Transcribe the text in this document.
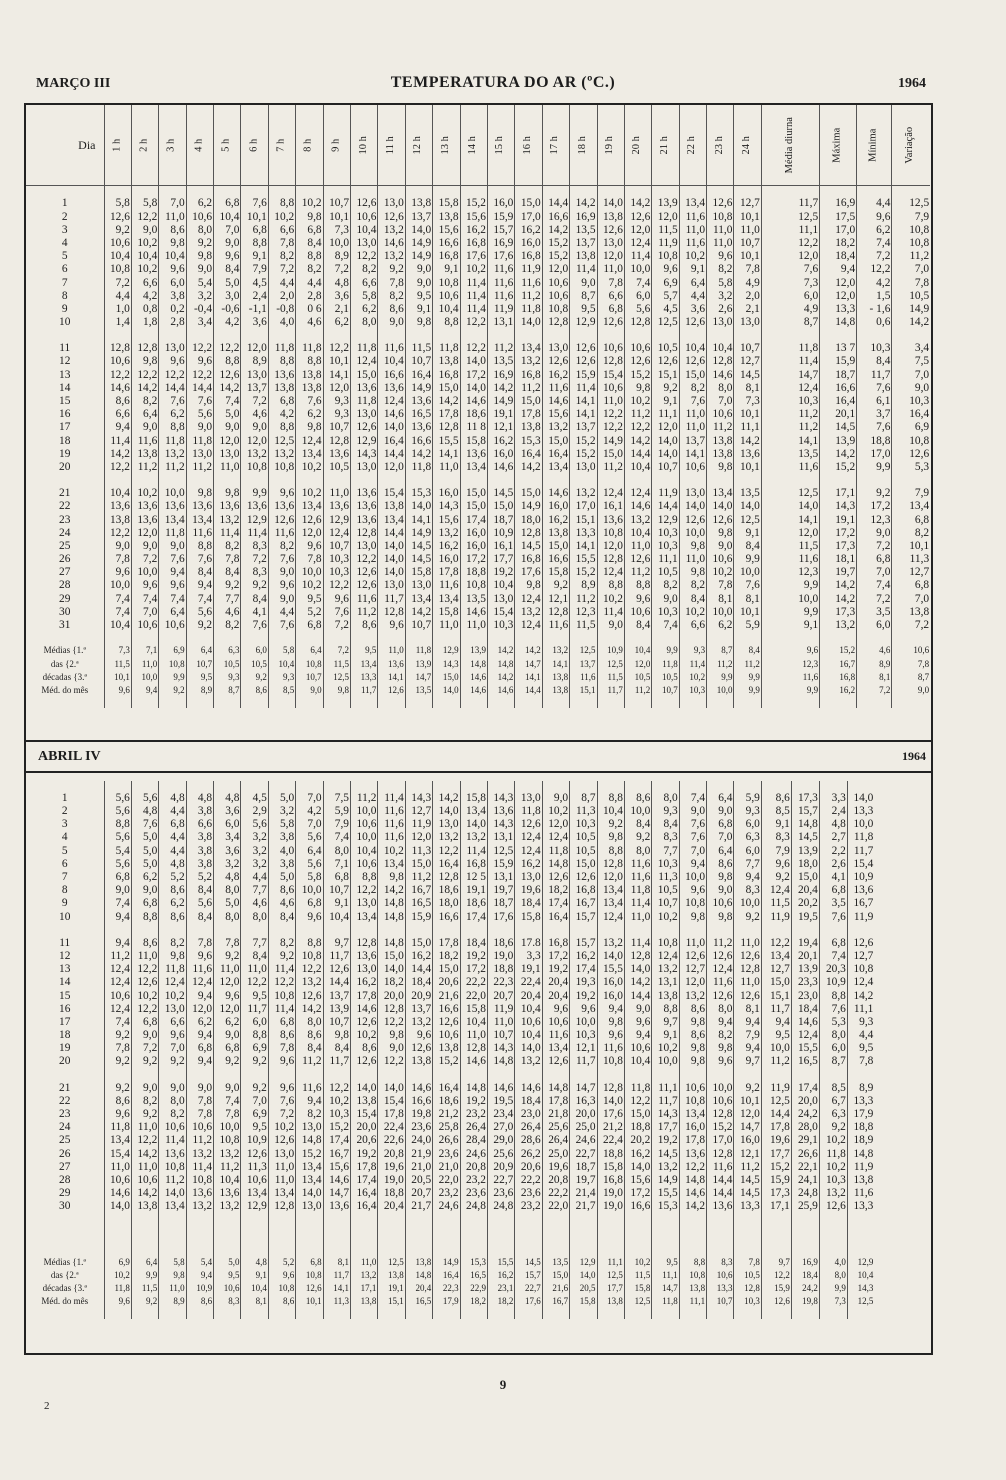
MARÇO III	TEMPERATURA DO AR (ºC.)	1964
Dia	1 h	2 h	3 h	4 h	5 h	6 h	7 h	8 h	9 h	10 h	11 h	12 h	13 h	14 h	15 h	16 h	17 h	18 h	19 h	20 h	21 h	22 h	23 h	24 h	Média diurna	Máxima	Mínima	Variação

1	5,8	5,8	7,0	6,2	6,8	7,6	8,8	10,2	10,7	12,6	13,0	13,8	15,8	15,2	16,0	15,0	14,4	14,2	14,0	14,2	13,9	13,4	12,6	12,7	11,7	16,9	4,4	12,5
2	12,6	12,2	11,0	10,6	10,4	10,1	10,2	9,8	10,1	10,6	12,6	13,7	13,8	15,6	15,9	17,0	16,6	16,9	13,8	12,6	12,0	11,6	10,8	10,1	12,5	17,5	9,6	7,9
3	9,2	9,0	8,6	8,0	7,0	6,8	6,6	6,8	7,3	10,4	13,2	14,0	15,6	16,2	15,7	16,2	14,2	13,5	12,6	12,0	11,5	11,0	11,0	11,0	11,1	17,0	6,2	10,8
4	10,6	10,2	9,8	9,2	9,0	8,8	7,8	8,4	10,0	13,0	14,6	14,9	16,6	16,8	16,9	16,0	15,2	13,7	13,0	12,4	11,9	11,6	11,0	10,7	12,2	18,2	7,4	10,8
5	10,4	10,4	10,4	9,8	9,6	9,1	8,2	8,8	8,9	12,2	13,2	14,9	16,8	17,6	17,6	16,8	15,2	13,8	12,0	11,4	10,8	10,2	9,6	10,1	12,0	18,4	7,2	11,2
6	10,8	10,2	9,6	9,0	8,4	7,9	7,2	8,2	7,2	8,2	9,2	9,0	9,1	10,2	11,6	11,9	12,0	11,4	11,0	10,0	9,6	9,1	8,2	7,8	7,6	9,4	12,2	7,0
7	7,2	6,6	6,0	5,4	5,0	4,5	4,4	4,4	4,8	6,6	7,8	9,0	10,8	11,4	11,6	11,6	10,6	9,0	7,8	7,4	6,9	6,4	5,8	4,9	7,3	12,0	4,2	7,8
8	4,4	4,2	3,8	3,2	3,0	2,4	2,0	2,8	3,6	5,8	8,2	9,5	10,6	11,4	11,6	11,2	10,6	8,7	6,6	6,0	5,7	4,4	3,2	2,0	6,0	12,0	1,5	10,5
9	1,0	0,8	0,2	-0,4	-0,6	-1,1	-0,8	0 6	2,1	6,2	8,6	9,1	10,4	11,4	11,9	11,8	10,8	9,5	6,8	5,6	4,5	3,6	2,6	2,1	4,9	13,3	- 1,6	14,9
10	1,4	1,8	2,8	3,4	4,2	3,6	4,0	4,6	6,2	8,0	9,0	9,8	8,8	12,2	13,1	14,0	12,8	12,9	12,6	12,8	12,5	12,6	13,0	13,0	8,7	14,8	0,6	14,2

11	12,8	12,8	13,0	12,2	12,2	12,0	11,8	11,8	12,2	11,8	11,6	11,5	11,8	12,2	11,2	13,4	13,0	12,6	10,6	10,6	10,5	10,4	10,4	10,7	11,8	13 7	10,3	3,4
12	10,6	9,8	9,6	9,6	8,8	8,9	8,8	8,8	10,1	12,4	10,4	10,7	13,8	14,0	13,5	13,2	12,6	12,6	12,8	12,6	12,6	12,6	12,8	12,7	11,4	15,9	8,4	7,5
13	12,2	12,2	12,2	12,2	12,6	13,0	13,6	13,8	14,1	15,0	16,6	16,4	16,8	17,2	16,9	16,8	16,2	15,9	15,4	15,2	15,1	15,0	14,6	14,5	14,7	18,7	11,7	7,0
14	14,6	14,2	14,4	14,4	14,2	13,7	13,8	13,8	12,0	13,6	13,6	14,9	15,0	14,0	14,2	11,2	11,6	11,4	10,6	9,8	9,2	8,2	8,0	8,1	12,4	16,6	7,6	9,0
15	8,6	8,2	7,6	7,6	7,4	7,2	6,8	7,6	9,3	11,8	12,4	13,6	14,2	14,6	14,9	15,0	14,6	14,1	11,0	10,2	9,1	7,6	7,0	7,3	10,3	16,4	6,1	10,3
16	6,6	6,4	6,2	5,6	5,0	4,6	4,2	6,2	9,3	13,0	14,6	16,5	17,8	18,6	19,1	17,8	15,6	14,1	12,2	11,2	11,1	11,0	10,6	10,1	11,2	20,1	3,7	16,4
17	9,4	9,0	8,8	9,0	9,0	9,0	8,8	9,8	10,7	12,6	14,0	13,6	12,8	11 8	12,1	13,8	13,2	13,7	12,2	12,2	12,0	11,0	11,2	11,1	11,2	14,5	7,6	6,9
18	11,4	11,6	11,8	11,8	12,0	12,0	12,5	12,4	12,8	12,9	16,4	16,6	15,5	15,8	16,2	15,3	15,0	15,2	14,9	14,2	14,0	13,7	13,8	14,2	14,1	13,9	18,8	10,8
19	14,2	13,8	13,2	13,0	13,0	13,2	13,2	13,4	13,6	14,3	14,4	14,2	14,1	13,6	16,0	16,4	16,4	15,2	15,0	14,4	14,0	14,1	13,8	13,6	13,5	14,2	17,0	12,6
20	12,2	11,2	11,2	11,2	11,0	10,8	10,8	10,2	10,5	13,0	12,0	11,8	11,0	13,4	14,6	14,2	13,4	13,0	11,2	10,4	10,7	10,6	9,8	10,1	11,6	15,2	9,9	5,3

21	10,4	10,2	10,0	9,8	9,8	9,9	9,6	10,2	11,0	13,6	15,4	15,3	16,0	15,0	14,5	15,0	14,6	13,2	12,4	12,4	11,9	13,0	13,4	13,5	12,5	17,1	9,2	7,9
22	13,6	13,6	13,6	13,6	13,6	13,6	13,6	13,4	13,6	13,6	13,8	14,0	14,3	15,0	15,0	14,9	16,0	17,0	16,1	14,6	14,4	14,0	14,0	14,0	14,0	14,3	17,2	13,4
23	13,8	13,6	13,4	13,4	13,2	12,9	12,6	12,6	12,9	13,6	13,4	14,1	15,6	17,4	18,7	18,0	16,2	15,1	13,6	13,2	12,9	12,6	12,6	12,5	14,1	19,1	12,3	6,8
24	12,2	12,0	11,8	11,6	11,4	11,4	11,6	12,0	12,4	12,8	14,4	14,9	13,2	16,0	10,9	12,8	13,8	13,3	10,8	10,4	10,3	10,0	9,8	9,1	12,0	17,2	9,0	8,2
25	9,0	9,0	9,0	8,8	8,2	8,3	8,2	9,6	10,7	13,0	14,0	14,5	16,2	16,0	16,1	14,5	15,0	14,1	12,0	11,0	10,3	9,8	9,0	8,4	11,5	17,3	7,2	10,1
26	7,8	7,2	7,6	7,6	7,8	7,2	7,6	7,8	10,3	12,2	14,0	14,5	16,0	17,2	17,7	16,8	16,6	15,5	12,8	12,6	11,1	11,0	10,6	9,9	11,6	18,1	6,8	11,3
27	9,6	10,0	9,4	8,4	8,4	8,3	9,0	10,0	10,3	12,6	14,0	15,8	17,8	18,8	19,2	17,6	15,8	15,2	12,4	11,2	10,5	9,8	10,2	10,0	12,3	19,7	7,0	12,7
28	10,0	9,6	9,6	9,4	9,2	9,2	9,6	10,2	12,2	12,6	13,0	13,0	11,6	10,8	10,4	9,8	9,2	8,9	8,8	8,8	8,2	8,2	7,8	7,6	9,9	14,2	7,4	6,8
29	7,4	7,4	7,4	7,4	7,7	8,4	9,0	9,5	9,6	11,6	11,7	13,4	13,4	13,5	13,0	12,4	12,1	11,2	10,2	9,6	9,0	8,4	8,1	8,1	10,0	14,2	7,2	7,0
30	7,4	7,0	6,4	5,6	4,6	4,1	4,4	5,2	7,6	11,2	12,8	14,2	15,8	14,6	15,4	13,2	12,8	12,3	11,4	10,6	10,3	10,2	10,0	10,1	9,9	17,3	3,5	13,8
31	10,4	10,6	10,6	9,2	8,2	7,6	7,6	6,8	7,2	8,6	9,6	10,7	11,0	11,0	10,3	12,4	11,6	11,5	9,0	8,4	7,4	6,6	6,2	5,9	9,1	13,2	6,0	7,2

Médias {1.ª	7,3	7,1	6,9	6,4	6,3	6,0	5,8	6,4	7,2	9,5	11,0	11,8	12,9	13,9	14,2	14,2	13,2	12,5	10,9	10,4	9,9	9,3	8,7	8,4	9,6	15,2	4,6	10,6
das {2.ª	11,5	11,0	10,8	10,7	10,5	10,5	10,4	10,8	11,5	13,4	13,6	13,9	14,3	14,8	14,8	14,7	14,1	13,7	12,5	12,0	11,8	11,4	11,2	11,2	12,3	16,7	8,9	7,8
décadas {3.ª	10,1	10,0	9,9	9,5	9,3	9,2	9,3	10,7	12,5	13,3	14,1	14,7	15,0	14,6	14,2	14,1	13,8	11,6	11,5	10,5	10,5	10,2	9,9	9,9	11,6	16,8	8,1	8,7
Méd. do mês	9,6	9,4	9,2	8,9	8,7	8,6	8,5	9,0	9,8	11,7	12,6	13,5	14,0	14,6	14,6	14,4	13,8	15,1	11,7	11,2	10,7	10,3	10,0	9,9	9,9	16,2	7,2	9,0

ABRIL IV	1964

1	5,6	5,6	4,8	4,8	4,8	4,5	5,0	7,0	7,5	11,2	11,4	14,3	14,2	15,8	14,3	13,0	9,0	8,7	8,8	8,6	8,0	7,4	6,4	5,9	8,6	17,3	3,3	14,0
2	5,6	4,8	4,4	3,8	3,6	2,9	3,2	4,2	5,9	10,0	11,6	12,7	14,0	13,4	13,6	11,8	10,2	11,3	10,4	10,0	9,3	9,0	9,0	9,3	8,5	15,7	2,4	13,3
3	8,8	7,6	6,8	6,6	6,0	5,6	5,8	7,0	7,9	10,6	11,6	11,9	13,0	14,0	14,3	12,6	12,0	10,3	9,2	8,4	8,4	7,6	6,8	6,0	9,1	14,8	4,8	10,0
4	5,6	5,0	4,4	3,8	3,4	3,2	3,8	5,6	7,4	10,0	11,6	12,0	13,2	13,2	13,1	12,4	12,4	10,5	9,8	9,2	8,3	7,6	7,0	6,3	8,3	14,5	2,7	11,8
5	5,4	5,0	4,4	3,8	3,6	3,2	4,0	6,4	8,0	10,4	10,2	11,3	12,2	11,4	12,5	12,4	11,8	10,5	8,8	8,0	7,7	7,0	6,4	6,0	7,9	13,9	2,2	11,7
6	5,6	5,0	4,8	3,8	3,2	3,2	3,8	5,6	7,1	10,6	13,4	15,0	16,4	16,8	15,9	16,2	14,8	15,0	12,8	11,6	10,3	9,4	8,6	7,7	9,6	18,0	2,6	15,4
7	6,8	6,2	5,2	5,2	4,8	4,4	5,0	5,8	6,8	8,8	9,8	11,2	12,8	12 5	13,1	13,0	12,6	12,6	12,0	11,6	11,3	10,0	9,8	9,4	9,2	15,0	4,1	10,9
8	9,0	9,0	8,6	8,4	8,0	7,7	8,6	10,0	10,7	12,2	14,2	16,7	18,6	19,1	19,7	19,6	18,2	16,8	13,4	11,8	10,5	9,6	9,0	8,3	12,4	20,4	6,8	13,6
9	7,4	6,8	6,2	5,6	5,0	4,6	4,6	6,8	9,1	13,0	14,8	16,5	18,0	18,6	18,7	18,4	17,4	16,7	13,4	11,4	10,7	10,8	10,6	10,0	11,5	20,2	3,5	16,7
10	9,4	8,8	8,6	8,4	8,0	8,0	8,4	9,6	10,4	13,4	14,8	15,9	16,6	17,4	17,6	15,8	16,4	15,7	12,4	11,0	10,2	9,8	9,8	9,2	11,9	19,5	7,6	11,9

11	9,4	8,6	8,2	7,8	7,8	7,7	8,2	8,8	9,7	12,8	14,8	15,0	17,8	18,4	18,6	17.8	16,8	15,7	13,2	11,4	10,8	11,0	11,2	11,0	12,2	19,4	6,8	12,6
12	11,2	11,0	9,8	9,6	9,2	8,4	9,2	10,8	11,7	13,6	15,0	16,2	18,2	19,2	19,0	3,3	17,2	16,2	14,0	12,8	12,4	12,6	12,6	12,6	13,4	20,1	7,4	12,7
13	12,4	12,2	11,8	11,6	11,0	11,0	11,4	12,2	12,6	13,0	14,0	14,4	15,0	17,2	18,8	19,1	19,2	17,4	15,5	14,0	13,2	12,7	12,4	12,8	12,7	13,9	20,3	10,8
14	12,4	12,6	12,4	12,4	12,0	12,2	12,2	13,2	14,4	16,2	18,2	18,4	20,6	22,2	22,3	22,4	20,4	19,3	16,0	14,2	13,1	12,0	11,6	11,0	15,0	23,3	10,9	12,4
15	10,6	10,2	10,2	9,4	9,6	9,5	10,8	12,6	13,7	17,8	20,0	20,9	21,6	22,0	20,7	20,4	20,4	19,2	16,0	14,4	13,8	13,2	12,6	12,6	15,1	23,0	8,8	14,2
16	12,4	12,2	13,0	12,0	12,0	11,7	11,4	14,2	13,9	14,6	12,8	13,7	16,6	15,8	11,9	10,4	9,6	9,6	9,4	9,0	8,8	8,6	8,0	8,1	11,7	18,4	7,6	11,1
17	7,4	6,8	6,6	6,2	6,2	6,0	6,8	8,0	10,7	12,6	12,2	13,2	12,6	10,4	11,0	10,6	10,6	10,0	9,8	9,6	9,7	9,8	9,4	9,4	9,4	14,6	5,3	9,3
18	9,2	9,0	9,6	9,4	9,0	8,8	8,6	8,6	9,8	10,2	9,8	9,6	10,6	11,0	10,7	10,4	11,6	10,3	9,6	9,4	9,1	8,6	8,2	7,9	9,5	12,4	8,0	4,4
19	7,8	7,2	7,0	6,8	6,8	6,9	7,8	8,4	8,4	8,6	9,0	12,6	13,8	12,8	14,3	14,0	13,4	12,1	11,6	10,6	10,2	9,8	9,8	9,4	10,0	15,5	6,0	9,5
20	9,2	9,2	9,2	9,4	9,2	9,2	9,6	11,2	11,7	12,6	12,2	13,8	15,2	14,6	14,8	13,2	12,6	11,7	10,8	10,4	10,0	9,8	9,6	9,7	11,2	16,5	8,7	7,8

21	9,2	9,0	9,0	9,0	9,0	9,2	9,6	11,6	12,2	14,0	14,0	14,6	16,4	14,8	14,6	14,6	14,8	14,7	12,8	11,8	11,1	10,6	10,0	9,2	11,9	17,4	8,5	8,9
22	8,6	8,2	8,0	7,8	7,4	7,0	7,6	9,4	10,2	13,8	15,4	16,6	18,6	19,2	19,5	18,4	17,8	16,3	14,0	12,2	11,7	10,8	10,6	10,1	12,5	20,0	6,7	13,3
23	9,6	9,2	8,2	7,8	7,8	6,9	7,2	8,2	10,3	15,4	17,8	19,8	21,2	23,2	23,4	23,0	21,8	20,0	17,6	15,0	14,3	13,4	12,8	12,0	14,4	24,2	6,3	17,9
24	11,8	11,0	10,6	10,6	10,0	9,5	10,2	13,0	15,2	20,0	22,4	23,6	25,8	26,4	27,0	26,4	25,6	25,0	21,2	18,8	17,7	16,0	15,2	14,7	17,8	28,0	9,2	18,8
25	13,4	12,2	11,4	11,2	10,8	10,9	12,6	14,8	17,4	20,6	22,6	24,0	26,6	28,4	29,0	28,6	26,4	24,6	22,4	20,2	19,2	17,8	17,0	16,0	19,6	29,1	10,2	18,9
26	15,4	14,2	13,6	13,2	13,2	12,6	13,0	15,2	16,7	19,2	20,8	21,9	23,6	24,6	25,6	26,2	25,0	22,7	18,8	16,2	14,5	13,6	12,8	12,1	17,7	26,6	11,8	14,8
27	11,0	11,0	10,8	11,4	11,2	11,3	11,0	13,4	15,6	17,8	19,6	21,0	21,0	20,8	20,9	20,6	19,6	18,7	15,8	14,0	13,2	12,2	11,6	11,2	15,2	22,1	10,2	11,9
28	10,6	10,6	11,2	10,8	10,4	10,6	11,0	13,4	14,6	17,4	19,0	20,5	22,0	23,2	22,7	22,2	20,8	19,7	16,8	15,6	14,9	14,8	14,4	14,5	15,9	24,1	10,3	13,8
29	14,6	14,2	14,0	13,6	13,6	13,4	13,4	14,0	14,7	16,4	18,8	20,7	23,2	23,6	23,6	23,6	22,2	21,4	19,0	17,2	15,5	14,6	14,4	14,5	17,3	24,8	13,2	11,6
30	14,0	13,8	13,4	13,2	13,2	12,9	12,8	13,0	13,6	16,4	20,4	21,7	24,6	24,8	24,8	23,2	22,0	21,7	19,0	16,6	15,3	14,2	13,6	13,3	17,1	25,9	12,6	13,3

Médias {1.ª	6,9	6,4	5,8	5,4	5,0	4,8	5,2	6,8	8,1	11,0	12,5	13,8	14,9	15,3	15,5	14,5	13,5	12,9	11,1	10,2	9,5	8,8	8,3	7,8	9,7	16,9	4,0	12,9
das {2.ª	10,2	9,9	9,8	9,4	9,5	9,1	9,6	10,8	11,7	13,2	13,8	14,8	16,4	16,5	16,2	15,7	15,0	14,0	12,5	11,5	11,1	10,8	10,6	10,5	12,2	18,4	8,0	10,4
décadas {3.ª	11,8	11,5	11,0	10,9	10,6	10,4	10,8	12,6	14,1	17,1	19,1	20,4	22,3	22,9	23,1	22,7	21,6	20,5	17,7	15,8	14,7	13,8	13,3	12,8	15,9	24,2	9,9	14,3
Méd. do mês	9,6	9,2	8,9	8,6	8,3	8,1	8,6	10,1	11,3	13,8	15,1	16,5	17,9	18,2	18,2	17,6	16,7	15,8	13,8	12,5	11,8	11,1	10,7	10,3	12,6	19,8	7,3	12,5

9
2
